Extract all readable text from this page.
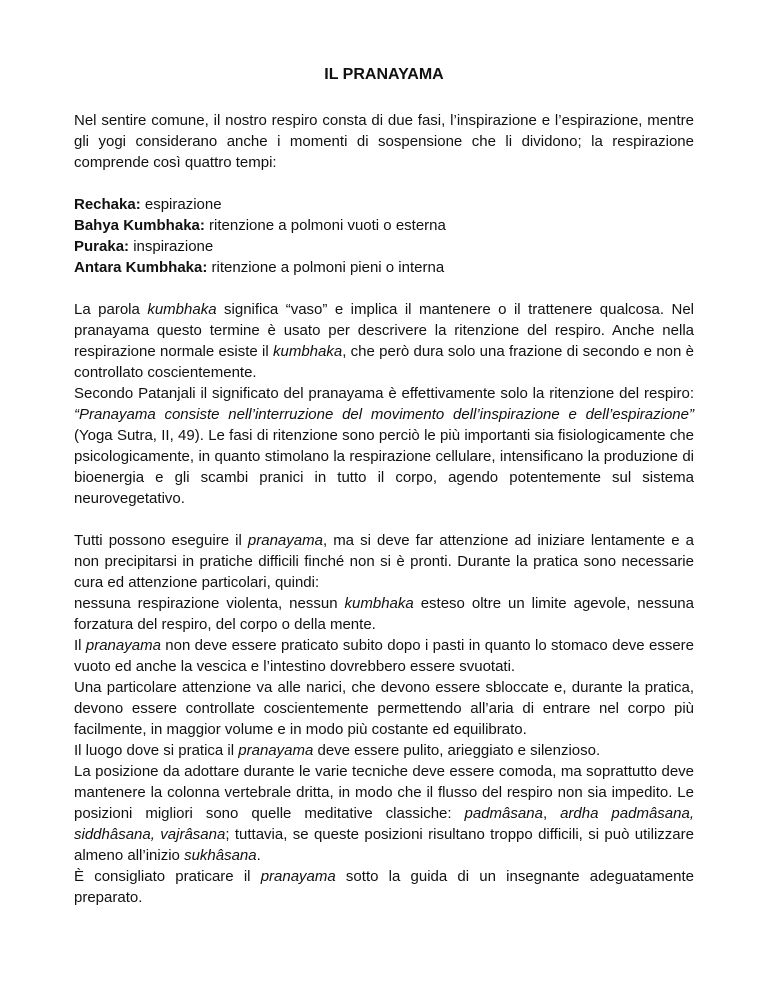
IL PRANAYAMA

Nel sentire comune, il nostro respiro consta di due fasi, l’inspirazione e l’espirazione, mentre gli yogi considerano anche i momenti di sospensione che li dividono; la respirazione comprende così quattro tempi:

Rechaka: espirazione

Bahya Kumbhaka: ritenzione a polmoni vuoti o esterna

Puraka: inspirazione

Antara Kumbhaka: ritenzione a polmoni pieni o interna

La parola kumbhaka significa “vaso” e implica il mantenere o il trattenere qualcosa. Nel pranayama questo termine è usato per descrivere la ritenzione del respiro. Anche nella respirazione normale esiste il kumbhaka, che però dura solo una frazione di secondo e non è controllato coscientemente.

Secondo Patanjali il significato del pranayama è effettivamente solo la ritenzione del respiro: “Pranayama consiste nell’interruzione del movimento dell’inspirazione e dell’espirazione” (Yoga Sutra, II, 49). Le fasi di ritenzione sono perciò le più importanti sia fisiologicamente che psicologicamente, in quanto stimolano la respirazione cellulare, intensificano la produzione di bioenergia e gli scambi pranici in tutto il corpo, agendo potentemente sul sistema neurovegetativo.

Tutti possono eseguire il pranayama, ma si deve far attenzione ad iniziare lentamente e a non precipitarsi in pratiche difficili finché non si è pronti. Durante la pratica sono necessarie cura ed attenzione particolari, quindi:

nessuna respirazione violenta, nessun kumbhaka esteso oltre un limite agevole, nessuna forzatura del respiro, del corpo o della mente.

Il pranayama non deve essere praticato subito dopo i pasti in quanto lo stomaco deve essere vuoto ed anche la vescica e l’intestino dovrebbero essere svuotati.

Una particolare attenzione va alle narici, che devono essere sbloccate e, durante la pratica, devono essere controllate coscientemente permettendo all’aria di entrare nel corpo più facilmente, in maggior volume e in modo più costante ed equilibrato.

Il luogo dove si pratica il pranayama deve essere pulito, arieggiato e silenzioso.

La posizione da adottare durante le varie tecniche deve essere comoda, ma soprattutto deve mantenere la colonna vertebrale dritta, in modo che il flusso del respiro non sia impedito. Le posizioni migliori sono quelle meditative classiche: padmâsana, ardha padmâsana, siddhâsana, vajrâsana; tuttavia, se queste posizioni risultano troppo difficili, si può utilizzare almeno all’inizio sukhâsana.

È consigliato praticare il pranayama sotto la guida di un insegnante adeguatamente preparato.
